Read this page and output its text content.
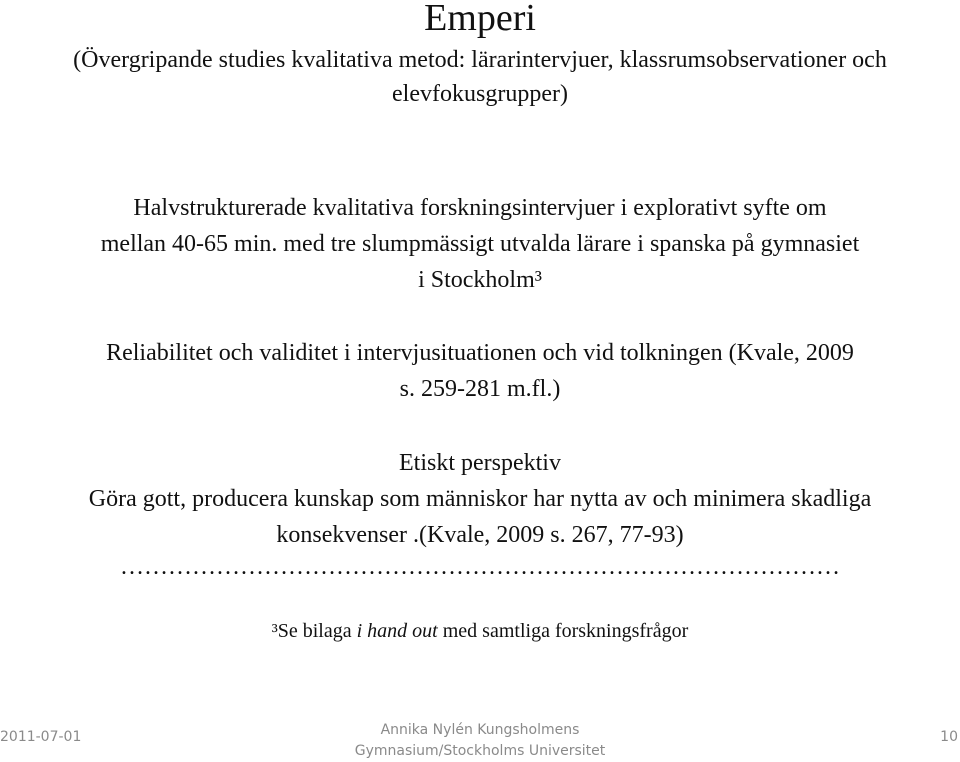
Emperi
(Övergripande studies kvalitativa metod: lärarintervjuer, klassrumsobservationer och
elevfokusgrupper)
Halvstrukturerade kvalitativa forskningsintervjuer i explorativt syfte om
mellan 40-65 min. med tre slumpmässigt utvalda lärare i spanska på gymnasiet
i Stockholm³
Reliabilitet och validitet i intervjusituationen och vid tolkningen (Kvale, 2009
s. 259-281 m.fl.)
Etiskt perspektiv
Göra gott, producera kunskap som människor har nytta av och minimera skadliga
konsekvenser .(Kvale, 2009 s. 267, 77-93)
………………………………………………………………………………
³Se bilaga i hand out med samtliga forskningsfrågor
2011-07-01	Annika Nylén Kungsholmens
Gymnasium/Stockholms Universitet
10
